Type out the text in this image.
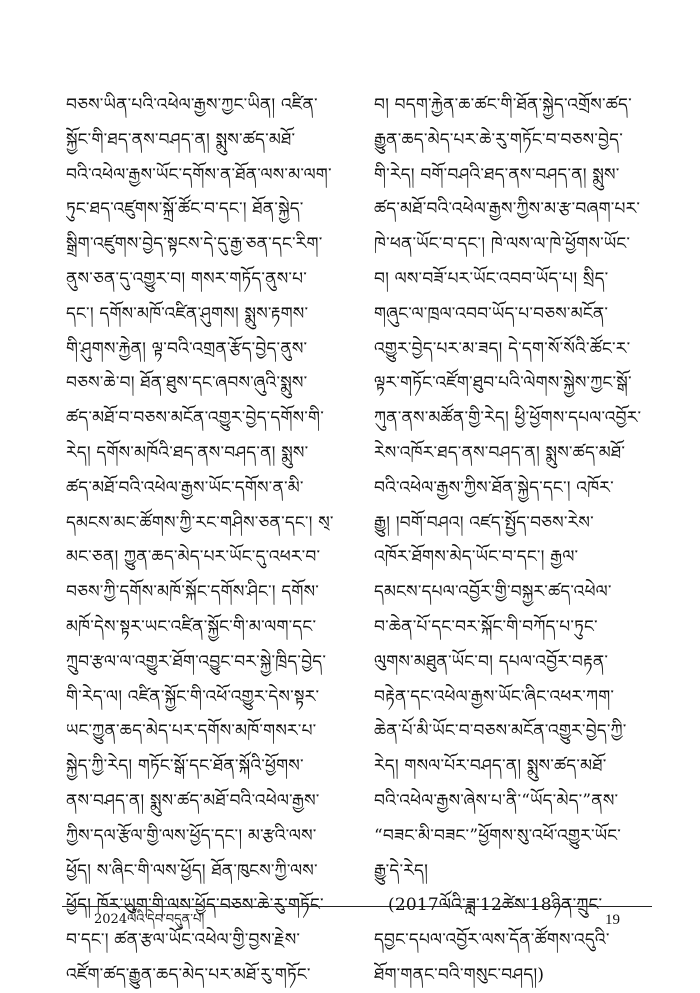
བཅས་ཡིན་པའི་འཕེལ་རྒྱས་ཀྱང་ཡིན། འཛིན་
སྐྱོང་གི་ཐད་ནས་བཤད་ན། སྨུས་ཚད་མཐོ་
བའི་འཕེལ་རྒྱས་ཡོང་དགོས་ན་ཐོན་ལས་མ་ལག་
ཏུང་ཐད་འཛུགས་སྐྲོ་ཚོང་བ་དང་། ཐོན་སྐྱེད་
སྒྲིག་འཛུགས་བྱེད་སྟངས་དེ་དུ་རྒྱ་ཅན་དང་རིག་
ནུས་ཅན་དུ་འགྱུར་བ། གསར་གཏོད་ནུས་པ་
དང་། དགོས་མཁོ་འཛིན་ཤུགས། སྨུས་རྟགས་
གི་ཤུགས་རྐྱེན། ལྟ་བའི་འགྲན་རྩོད་བྱེད་ནུས་
བཅས་ཆེ་བ། ཐོན་ཐུས་དང་ཞབས་ཞུའི་སྨུས་
ཚད་མཐོ་བ་བཅས་མངོན་འགྱུར་བྱེད་དགོས་གི་
རེད། དགོས་མཁོའི་ཐད་ནས་བཤད་ན། སྨུས་
ཚད་མཐོ་བའི་འཕེལ་རྒྱས་ཡོང་དགོས་ན་མི་
དམངས་མང་ཚོགས་ཀྱི་རང་གཤིས་ཅན་དང་། ས྄་
མང་ཅན། ཀྱུན་ཆད་མེད་པར་ཡོང་དུ་འཕར་བ་
བཅས་ཀྱི་དགོས་མཁོ་སྐོང་དགོས་ཤིང་། དགོས་
མཁོ་དེས་སྟར་ཡང་འཛིན་སྐྱོང་གི་མ་ལག་དང་
ཀྲུབ་རྩལ་ལ་འགྱུར་ཐོག་འབྱུང་བར་སྐྱེ་ཁྲིད་བྱེད་
གི་རེད་ལ། འཛིན་སྐྱོང་གི་འཕོ་འགྱུར་དེས་སྟར་
ཡང་ཀྱུན་ཆད་མེད་པར་དགོས་མཁོ་གསར་པ་
སྐྱེད་ཀྱི་རེད། གཏོང་སྒོ་དང་ཐོན་སྐོའི་ཕྱོགས་
ནས་བཤད་ན། སྨུས་ཚད་མཐོ་བའི་འཕེལ་རྒྱས་
ཀྱིས་དལ་རྩོལ་གྱི་ལས་ཕྱོད་དང་། མ་རྩའི་ལས་
ཕྱོད། ས་ཞིང་གི་ལས་ཕྱོད། ཐོན་ཁུངས་ཀྱི་ལས་
ཕྱོད། ཁོར་ཡུག་གི་ལས་ཕྱོད་བཅས་ཆེ་རུ་གཏོང་
བ་དང་། ཚན་རྩལ་ཡོང་འཕེལ་གྱི་བྱས་རྗེས་
འཛོག་ཚད་རྒྱུན་ཆད་མེད་པར་མཐོ་རུ་གཏོང་
བ། བདག་རྐྱེན་ཆ་ཚང་གི་ཐོན་སྐྱེད་འགྲོས་ཚད་
རྒྱུན་ཆད་མེད་པར་ཆེ་རུ་གཏོང་བ་བཅས་བྱེད་
གི་རེད། བགོ་བཤའི་ཐད་ནས་བཤད་ན། སྨུས་
ཚད་མཐོ་བའི་འཕེལ་རྒྱས་ཀྱིས་མ་རྩ་བཞག་པར་
ཁེ་ཕན་ཡོང་བ་དང་། ཁེ་ལས་ལ་ཁེ་ཕྱོགས་ཡོང་
བ། ལས་བཟོ་པར་ཡོང་འབབ་ཡོད་པ། སྲིད་
གཞུང་ལ་ཁྲལ་འབབ་ཡོད་པ་བཅས་མངོན་
འགྱུར་བྱེད་པར་མ་ཟད། དེ་དག་སོ་སོའི་ཚོང་ར་
ལྟར་གཏོང་འཛོག་ཐུབ་པའི་ལེགས་སྐྱེས་ཀྱང་སྒོ་
ཀུན་ནས་མཚོན་གྱི་རེད། ཕྱི་ཕྱོགས་དཔལ་འབྱོར་
རེས་འཁོར་ཐད་ནས་བཤད་ན། སྨུས་ཚད་མཐོ་
བའི་འཕེལ་རྒྱས་ཀྱིས་ཐོན་སྐྱེད་དང་། འཁོར་
རྒྱུ། །བགོ་བཤའ། འཛད་སྤྱོད་བཅས་རེས་
འཁོར་ཐོགས་མེད་ཡོང་བ་དང་། རྒྱལ་
དམངས་དཔལ་འབྱོར་གྱི་བསྐྱར་ཚད་འཕེལ་
བ་ཆེན་པོ་དང་བར་སྐོང་གི་བཀོད་པ་ཏུང་
ལུགས་མཐུན་ཡོང་བ། དཔལ་འབྱོར་བརྟན་
བརྟེན་དང་འཕེལ་རྒྱས་ཡོང་ཞིང་འཕར་ཀག་
ཆེན་པོ་མི་ཡོང་བ་བཅས་མངོན་འགྱུར་བྱེད་ཀྱི་
རེད། གསལ་པོར་བཤད་ན། སྨུས་ཚད་མཐོ་
བའི་འཕེལ་རྒྱས་ཞེས་པ་ནི་“ཡོད་མེད་”ནས་
“བཟང་མི་བཟང་”ཕྱོགས་སུ་འཕོ་འགྱུར་ཡོང་
རྒྱུ་དེ་རེད།
(2017ལོའི་ཟླ་12ཚེས་18ཉིན་ཀྲུང་
དབྱང་དཔལ་འབྱོར་ལས་དོན་ཚོགས་འདུའི་
ཐོག་གནང་བའི་གསུང་བཤད།)
2024ལོའི་དེབ་བདུན་པ།	19
